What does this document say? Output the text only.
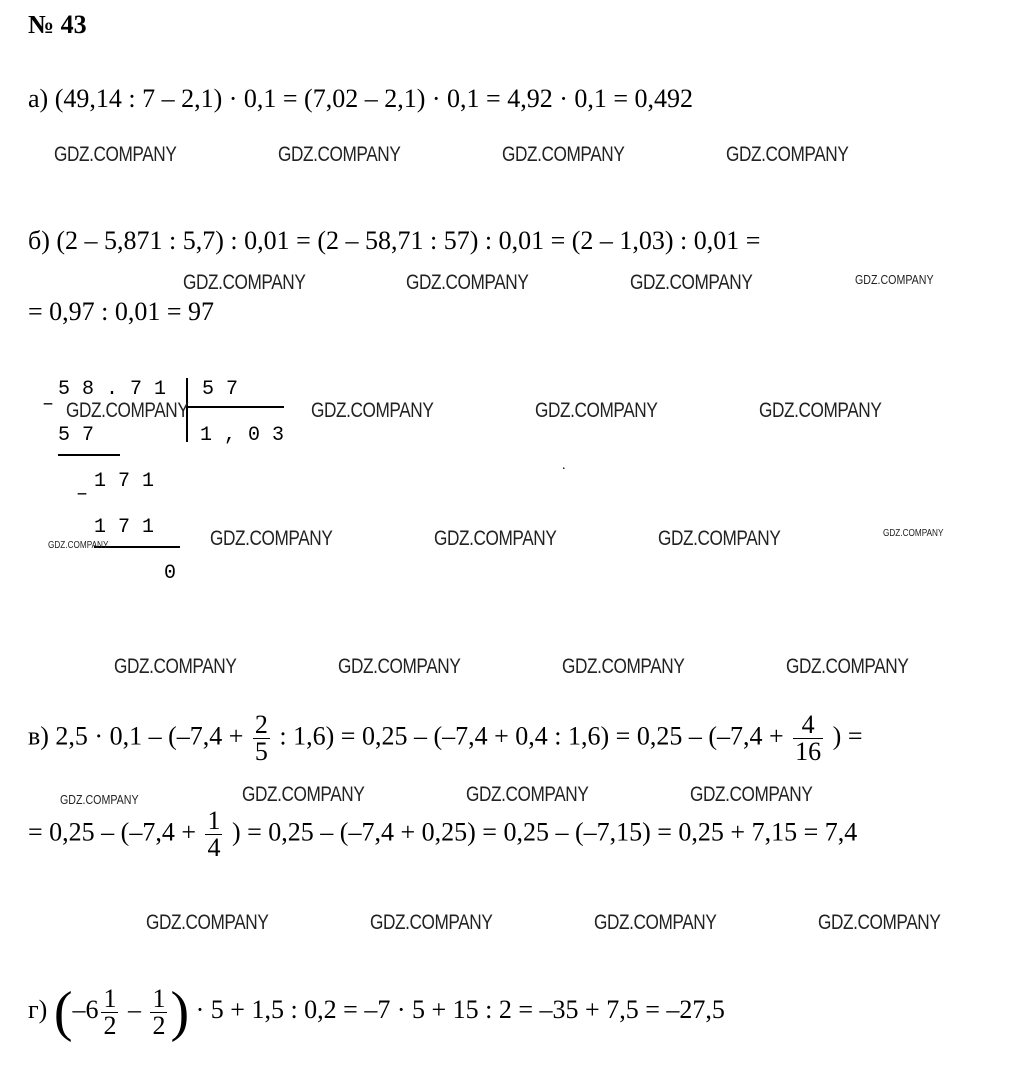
№ 43
а) (49,14 : 7 – 2,1) · 0,1 = (7,02 – 2,1) · 0,1 = 4,92 · 0,1 = 0,492
GDZ.COMPANY	GDZ.COMPANY	GDZ.COMPANY	GDZ.COMPANY
б) (2 – 5,871 : 5,7) : 0,01 = (2 – 58,71 : 57) : 0,01 = (2 – 1,03) : 0,01 =
GDZ.COMPANY	GDZ.COMPANY	GDZ.COMPANY	GDZ.COMPANY
= 0,97 : 0,01 = 97
–
5 8 . 7 1 5 7
1 , 0 3
5 7
–
1 7 1
1 7 1
0
.
GDZ.COMPANY	GDZ.COMPANY	GDZ.COMPANY	GDZ.COMPANY
GDZ.COMPANY	GDZ.COMPANY	GDZ.COMPANY	GDZ.COMPANY	GDZ.COMPANY
GDZ.COMPANY	GDZ.COMPANY	GDZ.COMPANY	GDZ.COMPANY
в) $2,5 \cdot 0,1 - (-7,4 + \frac{2}{5}$ : 1,6) = 0,25 – (–7,4 + 0,4 : $1,6) = 0,25 - (-7,4 + \frac{4}{16}$ ) =
GDZ.COMPANY	GDZ.COMPANY	GDZ.COMPANY	GDZ.COMPANY
= $0,25 - (-7,4 + \frac{1}{4}$ ) = 0,25 – (–7,4 + 0,25) = 0,25 – (–7,15) = 0,25 + 7,15 = 7,4
GDZ.COMPANY	GDZ.COMPANY	GDZ.COMPANY	GDZ.COMPANY
г) ($-6 \frac{1}{2} - \frac{1}{2}$ ) · 5 + 1,5 : 0,2 = –7 · 5 + 15 : 2 = –35 + 7,5 = –27,5
